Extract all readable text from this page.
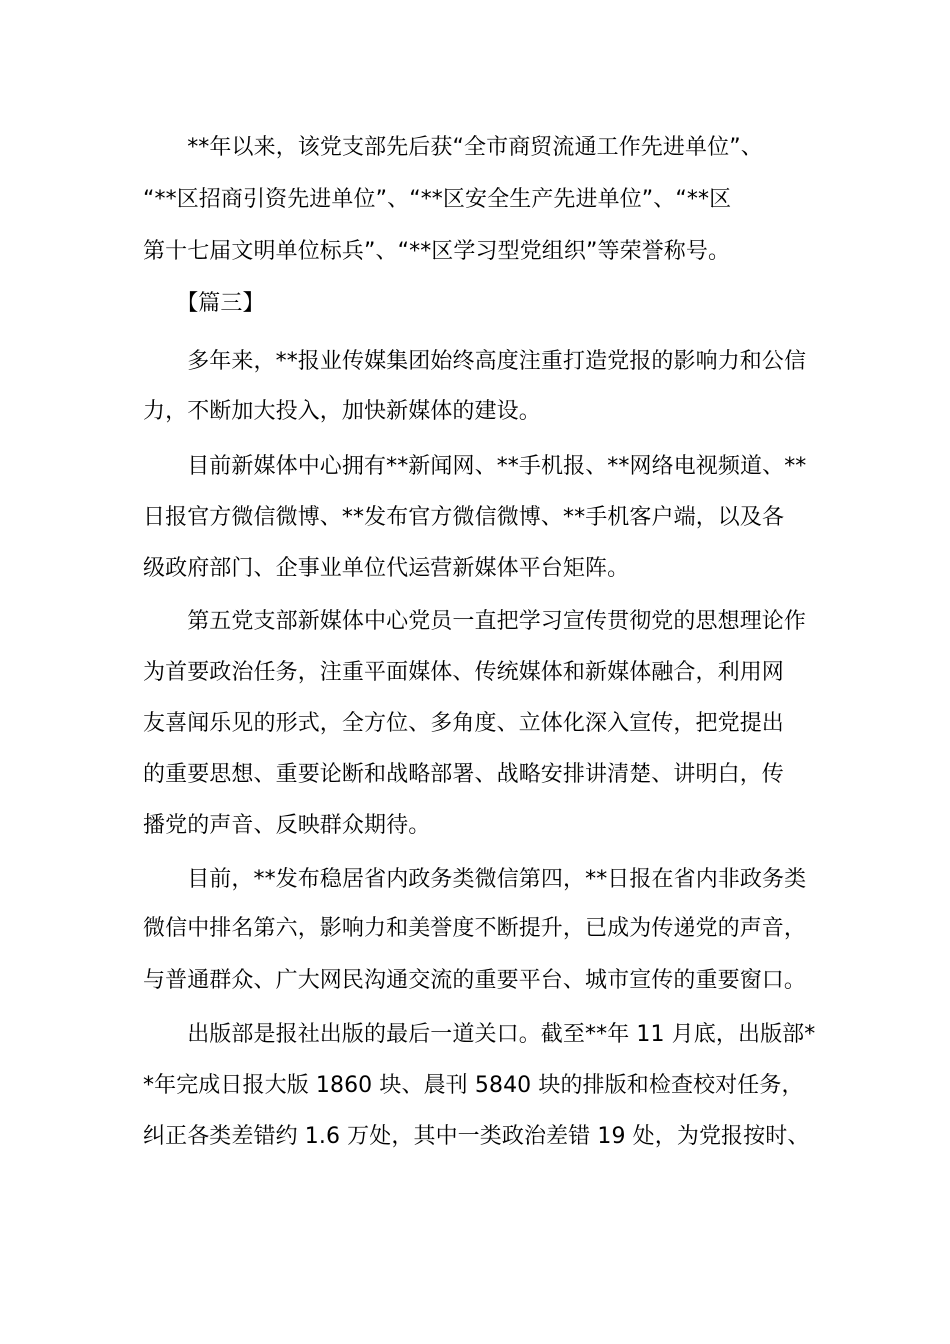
　　**年以来，该党支部先后获“全市商贸流通工作先进单位”、
“**区招商引资先进单位”、“**区安全生产先进单位”、“**区
第十七届文明单位标兵”、“**区学习型党组织”等荣誉称号。
　　【篇三】
　　多年来，**报业传媒集团始终高度注重打造党报的影响力和公信
力，不断加大投入，加快新媒体的建设。
　　目前新媒体中心拥有**新闻网、**手机报、**网络电视频道、**
日报官方微信微博、**发布官方微信微博、**手机客户端，以及各
级政府部门、企事业单位代运营新媒体平台矩阵。
　　第五党支部新媒体中心党员一直把学习宣传贯彻党的思想理论作
为首要政治任务，注重平面媒体、传统媒体和新媒体融合，利用网
友喜闻乐见的形式，全方位、多角度、立体化深入宣传，把党提出
的重要思想、重要论断和战略部署、战略安排讲清楚、讲明白，传
播党的声音、反映群众期待。
　　目前，**发布稳居省内政务类微信第四，**日报在省内非政务类
微信中排名第六，影响力和美誉度不断提升，已成为传递党的声音，
与普通群众、广大网民沟通交流的重要平台、城市宣传的重要窗口。
　　出版部是报社出版的最后一道关口。截至**年 11 月底，出版部*
*年完成日报大版 1860 块、晨刊 5840 块的排版和检查校对任务，
纠正各类差错约 1.6 万处，其中一类政治差错 19 处，为党报按时、
